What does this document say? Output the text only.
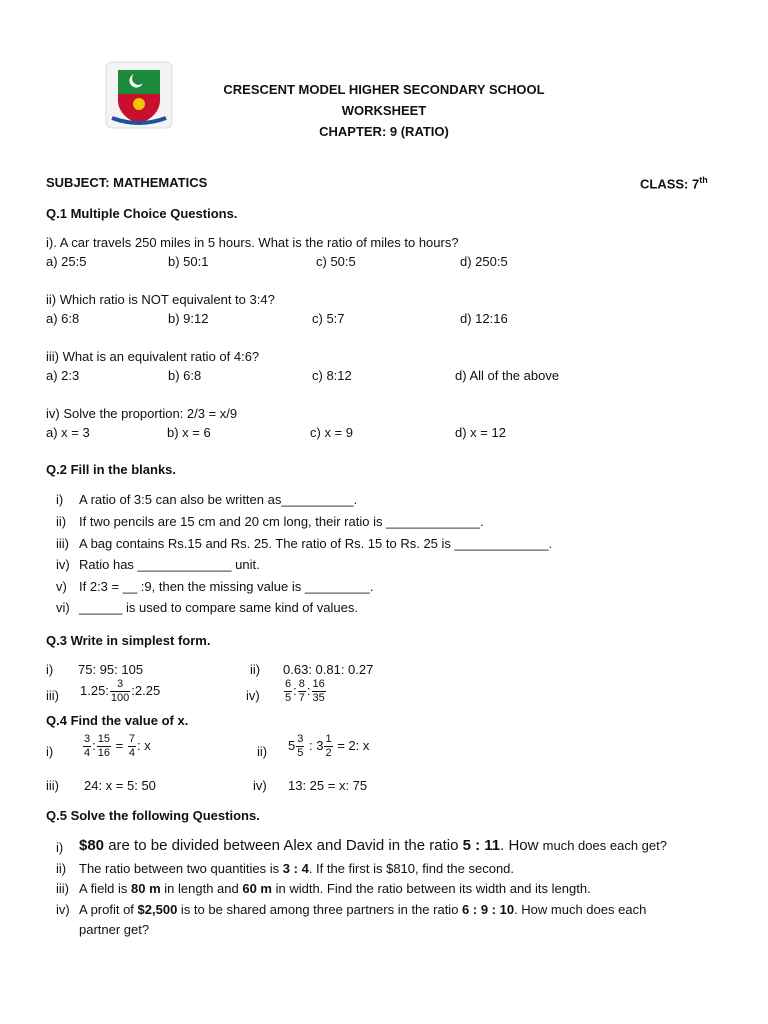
CRESCENT MODEL HIGHER SECONDARY SCHOOL
WORKSHEET
CHAPTER: 9 (RATIO)
SUBJECT: MATHEMATICS	CLASS: 7th
Q.1 Multiple Choice Questions.
i). A car travels 250 miles in 5 hours. What is the ratio of miles to hours?
a) 25:5	b) 50:1	c) 50:5	d) 250:5
ii) Which ratio is NOT equivalent to 3:4?
a) 6:8	b) 9:12	c) 5:7	d) 12:16
iii) What is an equivalent ratio of 4:6?
a) 2:3	b) 6:8	c) 8:12	d) All of the above
iv) Solve the proportion: 2/3 = x/9
a) x = 3	b) x = 6	c) x = 9	d) x = 12
Q.2 Fill in the blanks.
i) A ratio of 3:5 can also be written as__________.
ii) If two pencils are 15 cm and 20 cm long, their ratio is _____________.
iii) A bag contains Rs.15 and Rs. 25. The ratio of Rs. 15 to Rs. 25 is _____________.
iv) Ratio has _____________ unit.
v) If 2:3 = __ :9, then the missing value is _________.
vi) ______ is used to compare same kind of values.
Q.3 Write in simplest form.
i) 75: 95: 105	ii) 0.63: 0.81: 0.27
iii) 1.25: $\frac{3}{100}$ :2.25	$iv) \frac{6}{5}$ : $\frac{8}{7}$ : $\frac{16}{35}$
Q.4 Find the value of x.
i)	$\frac{3}{4}$ : $\frac{15}{16} = \frac{7}{4}$ : x	ii) $5 \frac{3}{5}$ : $3 \frac{1}{2} = 2$: x
iii) 24: x = 5: 50	iv) 13: 25 = x: 75
Q.5 Solve the following Questions.
i) $80 are to be divided between Alex and David in the ratio 5 : 11. How much does each get?
ii) The ratio between two quantities is 3 : 4. If the first is $810, find the second.
iii) A field is 80 m in length and 60 m in width. Find the ratio between its width and its length.
iv) A profit of $2,500 is to be shared among three partners in the ratio 6 : 9 : 10. How much does each
partner get?
